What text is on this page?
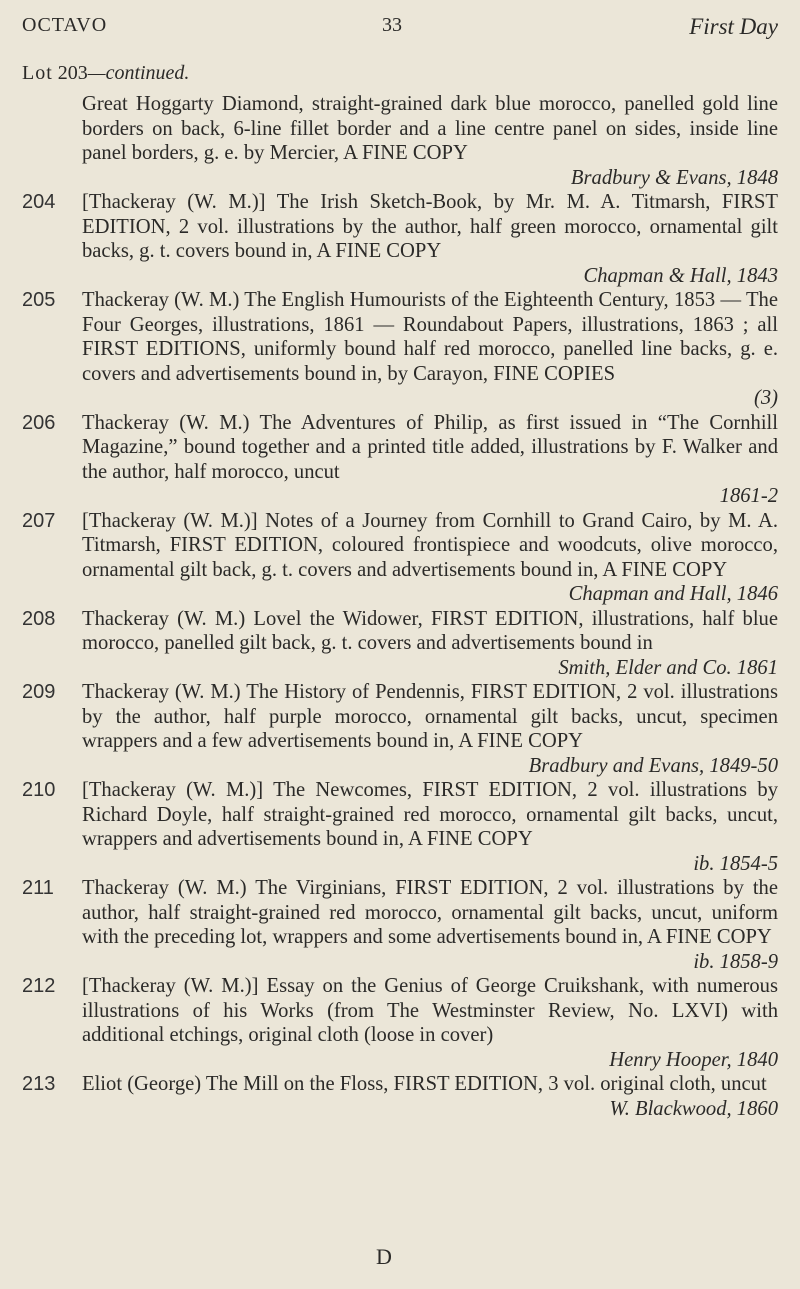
OCTAVO	33	First Day
Lot 203—continued.
Great Hoggarty Diamond, straight-grained dark blue morocco, panelled gold line borders on back, 6-line fillet border and a line centre panel on sides, inside line panel borders, g. e. by Mercier, A FINE COPY
Bradbury & Evans, 1848
204 [Thackeray (W. M.)] The Irish Sketch-Book, by Mr. M. A. Titmarsh, FIRST EDITION, 2 vol. illustrations by the author, half green morocco, ornamental gilt backs, g. t. covers bound in, A FINE COPY
Chapman & Hall, 1843
205 Thackeray (W. M.) The English Humourists of the Eighteenth Century, 1853 — The Four Georges, illustrations, 1861 — Roundabout Papers, illustrations, 1863 ; all FIRST EDITIONS, uniformly bound half red morocco, panelled line backs, g. e. covers and advertisements bound in, by Carayon, FINE COPIES
(3)
206 Thackeray (W. M.) The Adventures of Philip, as first issued in “The Cornhill Magazine,” bound together and a printed title added, illustrations by F. Walker and the author, half morocco, uncut
1861-2
207 [Thackeray (W. M.)] Notes of a Journey from Cornhill to Grand Cairo, by M. A. Titmarsh, FIRST EDITION, coloured frontispiece and woodcuts, olive morocco, ornamental gilt back, g. t. covers and advertisements bound in, A FINE COPY
Chapman and Hall, 1846
208 Thackeray (W. M.) Lovel the Widower, FIRST EDITION, illustrations, half blue morocco, panelled gilt back, g. t. covers and advertisements bound in
Smith, Elder and Co. 1861
209 Thackeray (W. M.) The History of Pendennis, FIRST EDITION, 2 vol. illustrations by the author, half purple morocco, ornamental gilt backs, uncut, specimen wrappers and a few advertisements bound in, A FINE COPY
Bradbury and Evans, 1849-50
210 [Thackeray (W. M.)] The Newcomes, FIRST EDITION, 2 vol. illustrations by Richard Doyle, half straight-grained red morocco, ornamental gilt backs, uncut, wrappers and advertisements bound in, A FINE COPY
ib. 1854-5
211 Thackeray (W. M.) The Virginians, FIRST EDITION, 2 vol. illustrations by the author, half straight-grained red morocco, ornamental gilt backs, uncut, uniform with the preceding lot, wrappers and some advertisements bound in, A FINE COPY
ib. 1858-9
212 [Thackeray (W. M.)] Essay on the Genius of George Cruikshank, with numerous illustrations of his Works (from The Westminster Review, No. LXVI) with additional etchings, original cloth (loose in cover)
Henry Hooper, 1840
213 Eliot (George) The Mill on the Floss, FIRST EDITION, 3 vol. original cloth, uncut
W. Blackwood, 1860
D
